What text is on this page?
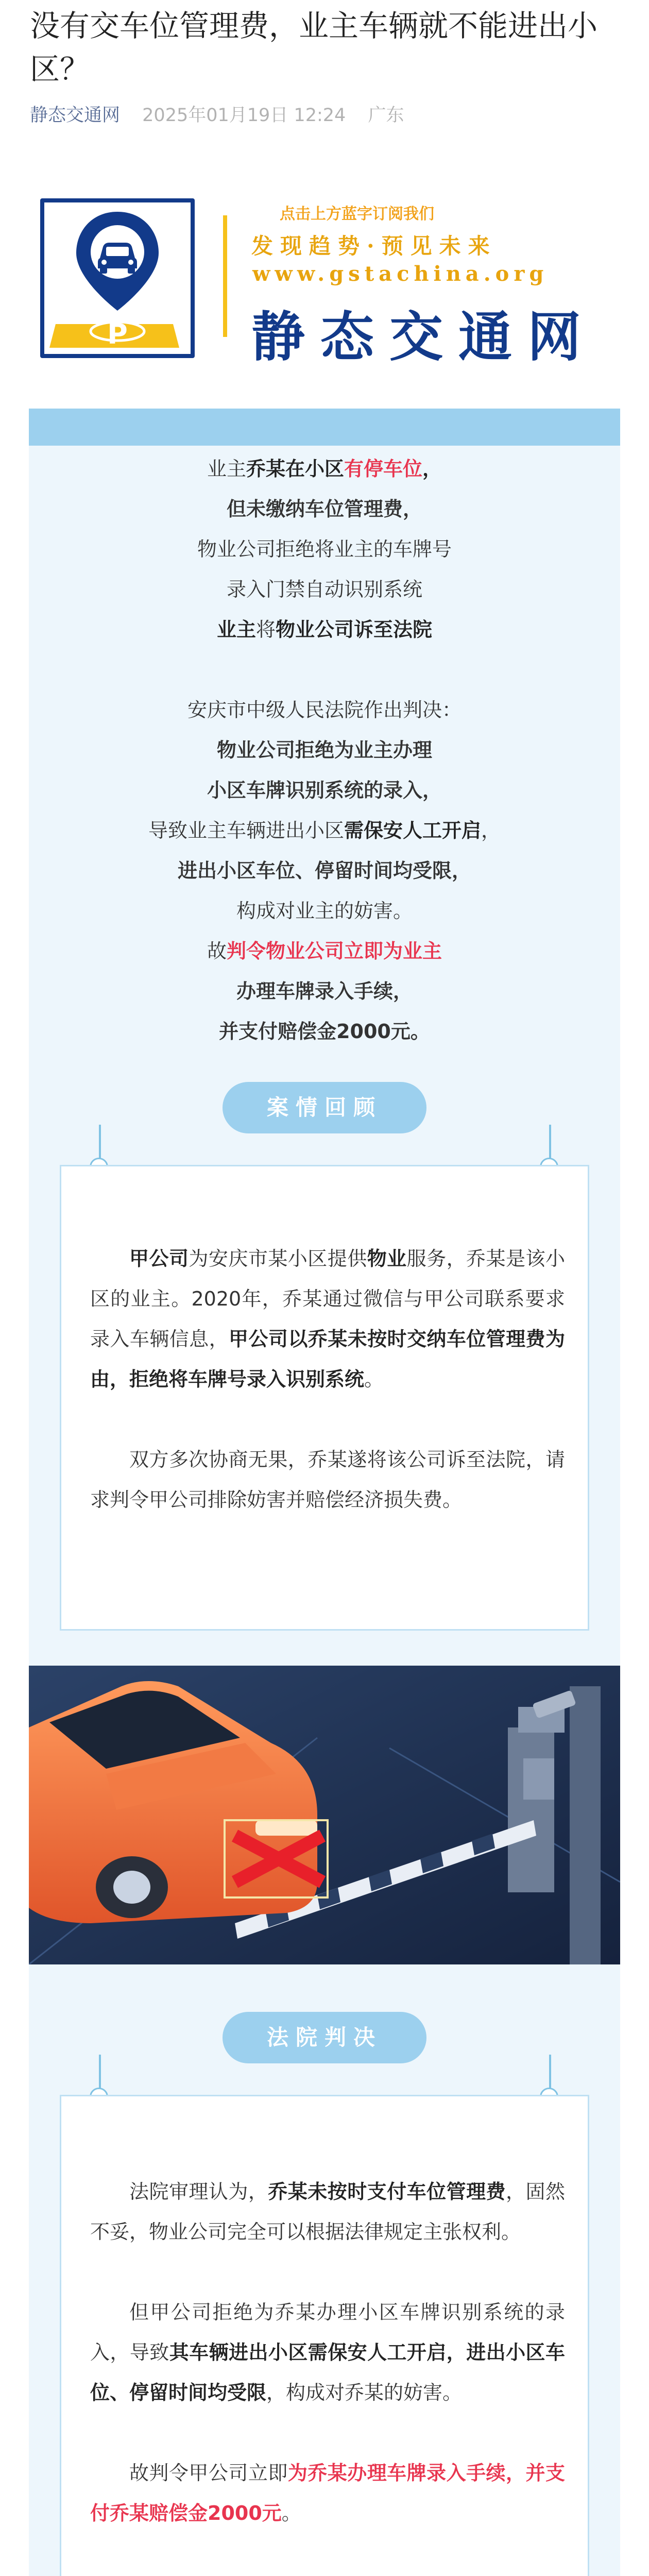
没有交车位管理费，业主车辆就不能进出小区？
静态交通网 2025年01月19日 12:24 广东
P
点击上方蓝字订阅我们
发现趋势·预见未来
www.gstachina.org
静态交通网

业主乔某在小区有停车位，

但未缴纳车位管理费，

物业公司拒绝将业主的车牌号

录入门禁自动识别系统

业主将物业公司诉至法院

安庆市中级人民法院作出判决：

物业公司拒绝为业主办理

小区车牌识别系统的录入，

导致业主车辆进出小区需保安人工开启，

进出小区车位、停留时间均受限，

构成对业主的妨害。

故判令物业公司立即为业主

办理车牌录入手续，

并支付赔偿金2000元。

案情回顾

甲公司为安庆市某小区提供物业服务，乔某是该小区的业主。2020年，乔某通过微信与甲公司联系要求录入车辆信息，甲公司以乔某未按时交纳车位管理费为由，拒绝将车牌号录入识别系统。

双方多次协商无果，乔某遂将该公司诉至法院，请求判令甲公司排除妨害并赔偿经济损失费。

法院判决

法院审理认为，乔某未按时支付车位管理费，固然不妥，物业公司完全可以根据法律规定主张权利。

但甲公司拒绝为乔某办理小区车牌识别系统的录入，导致其车辆进出小区需保安人工开启，进出小区车位、停留时间均受限，构成对乔某的妨害。

故判令甲公司立即为乔某办理车牌录入手续，并支付乔某赔偿金2000元。
